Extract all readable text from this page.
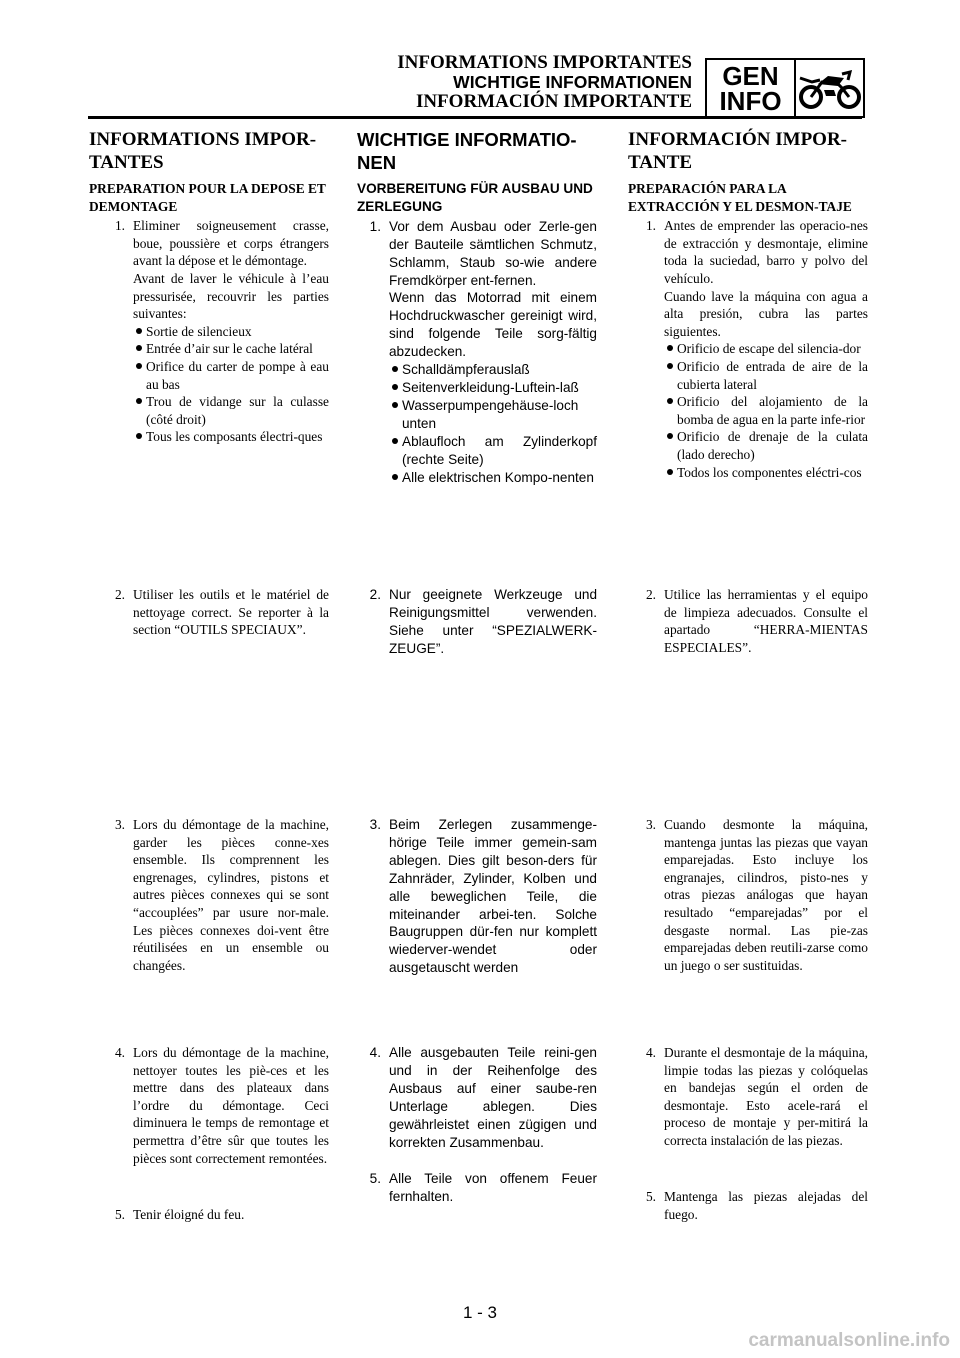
INFORMATIONS IMPORTANTES
WICHTIGE INFORMATIONEN
INFORMACIÓN IMPORTANTE
GEN
INFO
INFORMATIONS IMPOR-TANTES
PREPARATION POUR LA DEPOSE ET DEMONTAGE
1. Eliminer soigneusement crasse, boue, poussière et corps étrangers avant la dépose et le démontage.
Avant de laver le véhicule à l’eau pressurisée, recouvrir les parties suivantes:
Sortie de silencieux
Entrée d’air sur le cache latéral
Orifice du carter de pompe à eau au bas
Trou de vidange sur la culasse (côté droit)
Tous les composants électri-ques
2. Utiliser les outils et le matériel de nettoyage correct. Se reporter à la section “OUTILS SPECIAUX”.
3. Lors du démontage de la machine, garder les pièces conne-xes ensemble. Ils comprennent les engrenages, cylindres, pistons et autres pièces connexes qui se sont “accouplées” par usure nor-male. Les pièces connexes doi-vent être réutilisées en un ensemble ou changées.
4. Lors du démontage de la machine, nettoyer toutes les piè-ces et les mettre dans des plateaux dans l’ordre du démontage. Ceci diminuera le temps de remontage et permettra d’être sûr que toutes les pièces sont correctement remontées.
5. Tenir éloigné du feu.
WICHTIGE INFORMATIO-NEN
VORBEREITUNG FÜR AUSBAU UND ZERLEGUNG
1. Vor dem Ausbau oder Zerle-gen der Bauteile sämtlichen Schmutz, Schlamm, Staub so-wie andere Fremdkörper ent-fernen.
Wenn das Motorrad mit einem Hochdruckwascher gereinigt wird, sind folgende Teile sorg-fältig abzudecken.
Schalldämpferauslaß
Seitenverkleidung-Luftein-laß
Wasserpumpengehäuse-loch unten
Ablaufloch am Zylinderkopf (rechte Seite)
Alle elektrischen Kompo-nenten
2. Nur geeignete Werkzeuge und Reinigungsmittel verwenden. Siehe unter “SPEZIALWERK-ZEUGE”.
3. Beim Zerlegen zusammenge-hörige Teile immer gemein-sam ablegen. Dies gilt beson-ders für Zahnräder, Zylinder, Kolben und alle beweglichen Teile, die miteinander arbei-ten. Solche Baugruppen dür-fen nur komplett wiederver-wendet oder ausgetauscht werden
4. Alle ausgebauten Teile reini-gen und in der Reihenfolge des Ausbaus auf einer saube-ren Unterlage ablegen. Dies gewährleistet einen zügigen und korrekten Zusammenbau.
5. Alle Teile von offenem Feuer fernhalten.
INFORMACIÓN IMPOR-TANTE
PREPARACIÓN PARA LA EXTRACCIÓN Y EL DESMON-TAJE
1. Antes de emprender las operacio-nes de extracción y desmontaje, elimine toda la suciedad, barro y polvo del vehículo.
Cuando lave la máquina con agua a alta presión, cubra las partes siguientes.
Orificio de escape del silencia-dor
Orificio de entrada de aire de la cubierta lateral
Orificio del alojamiento de la bomba de agua en la parte infe-rior
Orificio de drenaje de la culata (lado derecho)
Todos los componentes eléctri-cos
2. Utilice las herramientas y el equipo de limpieza adecuados. Consulte el apartado “HERRA-MIENTAS ESPECIALES”.
3. Cuando desmonte la máquina, mantenga juntas las piezas que vayan emparejadas. Esto incluye los engranajes, cilindros, pisto-nes y otras piezas análogas que hayan resultado “emparejadas” por el desgaste normal. Las pie-zas emparejadas deben reutili-zarse como un juego o ser sustituidas.
4. Durante el desmontaje de la máquina, limpie todas las piezas y colóquelas en bandejas según el orden de desmontaje. Esto acele-rará el proceso de montaje y per-mitirá la correcta instalación de las piezas.
5. Mantenga las piezas alejadas del fuego.
1 - 3
carmanualsonline.info
